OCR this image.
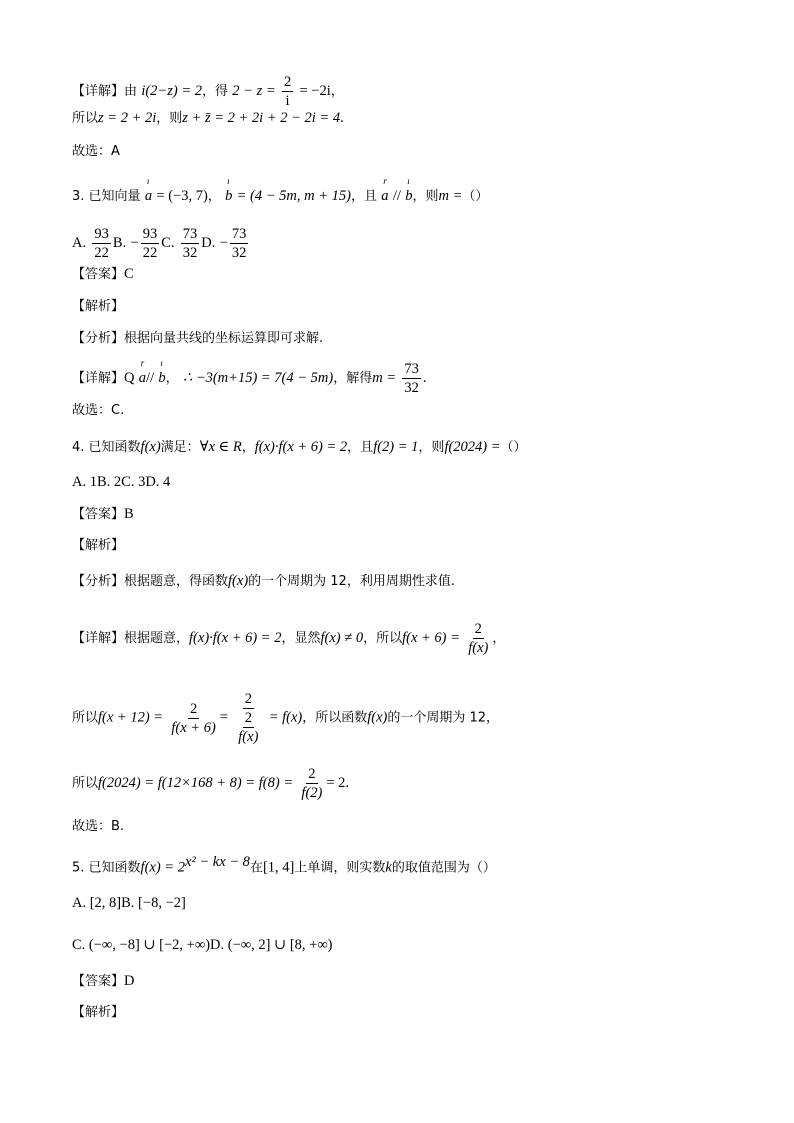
【详解】由 i(2−z) = 2，得 $2 - z = \frac{2}{i} = -2i$，
所以z = 2 + 2i，则z + z̄ = 2 + 2i + 2 − 2i = 4.
故选：A
3. 已知向量
ı
a = (−3, 7)，
ı
b = (4 − 5m, m + 15)，且
r
a //
ı
b，则m =（）
A. $\frac{93}{22} B$. − $\frac{93}{22} C$. $\frac{73}{32} D$. − $\frac{73}{32}$
【答案】C
【解析】
【分析】根据向量共线的坐标运算即可求解.
【详解】Q
r
a//
ı
b， ∴ −3(m+15) = 7(4 − 5m)，解得$m = \frac{73}{32}$ .
故选：C.
4. 已知函数f(x)满足：∀x ∈ R，f(x)·f(x + 6) = 2，且f(2) = 1，则f(2024) =（）
A. 1B. 2C. 3D. 4
【答案】B
【解析】
【分析】根据题意，得函数f(x)的一个周期为 12，利用周期性求值.
【详解】根据题意，f(x)·f(x + 6) = 2，显然f(x) ≠ 0，所以$f(x + 6) = \frac{2}{f(x)}$ ，
所以$f(x + 12) = \frac{2}{f(x + 6)} = \frac{2}{\frac{2}{f(x)}} = f(x)$，所以函数f(x)的一个周期为 12，
所以$f(2024) = f(12\times 168 + 8) = f(8) = \frac{2}{f(2)} = 2$.
故选：B.
5. 已知函数$f(x) = 2^{x^2 - kx - 8}$在[1, 4]上单调，则实数k的取值范围为（）
A. [2, 8]B. [−8, −2]
C. (−∞, −8] ∪ [−2, +∞)D. (−∞, 2] ∪ [8, +∞)
【答案】D
【解析】
